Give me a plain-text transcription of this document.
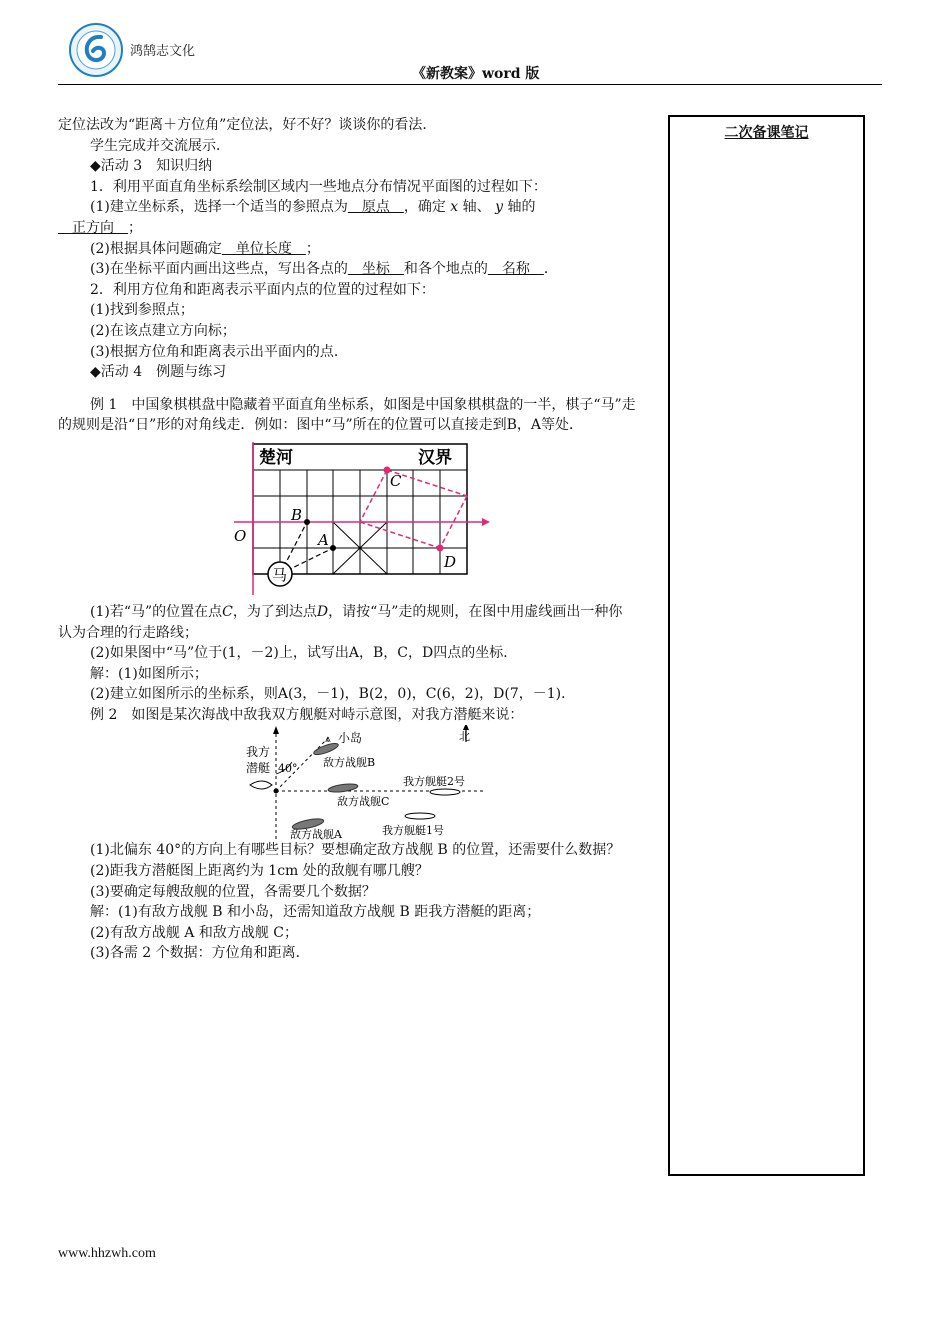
鸿鹄志文化
《新教案》word 版
二次备课笔记

定位法改为“距离＋方位角”定位法，好不好？谈谈你的看法．

学生完成并交流展示．

◆活动 3　知识归纳

1．利用平面直角坐标系绘制区域内一些地点分布情况平面图的过程如下：

(1)建立坐标系，选择一个适当的参照点为　原点　，确定 x 轴、 y 轴的

　正方向　；

(2)根据具体问题确定　单位长度　；

(3)在坐标平面内画出这些点，写出各点的　坐标　和各个地点的　名称　．

2．利用方位角和距离表示平面内点的位置的过程如下：

(1)找到参照点；

(2)在该点建立方向标；

(3)根据方位角和距离表示出平面内的点．

◆活动 4　例题与练习

例 1　中国象棋棋盘中隐藏着平面直角坐标系，如图是中国象棋棋盘的一半，棋子“马”走的规则是沿“日”形的对角线走．例如：图中“马”所在的位置可以直接走到B，A等处．

楚河	汉界
O
B
A
C
D
马

(1)若“马”的位置在点C，为了到达点D，请按“马”走的规则，在图中用虚线画出一种你认为合理的行走路线；

(2)如果图中“马”位于(1，－2)上，试写出A，B，C，D四点的坐标．

解：(1)如图所示；

(2)建立如图所示的坐标系，则A(3，－1)，B(2，0)，C(6，2)，D(7，－1)．

例 2　如图是某次海战中敌我双方舰艇对峙示意图，对我方潜艇来说：

北
⩓ 小岛
我方
潜艇 40° 敌方战舰B
敌方战舰C
我方舰艇2号
我方舰艇1号
敌方战舰A

(1)北偏东 40°的方向上有哪些目标？要想确定敌方战舰 B 的位置，还需要什么数据？

(2)距我方潜艇图上距离约为 1cm 处的敌舰有哪几艘？

(3)要确定每艘敌舰的位置，各需要几个数据？

解：(1)有敌方战舰 B 和小岛，还需知道敌方战舰 B 距我方潜艇的距离；

(2)有敌方战舰 A 和敌方战舰 C；

(3)各需 2 个数据：方位角和距离．

www.hhzwh.com
